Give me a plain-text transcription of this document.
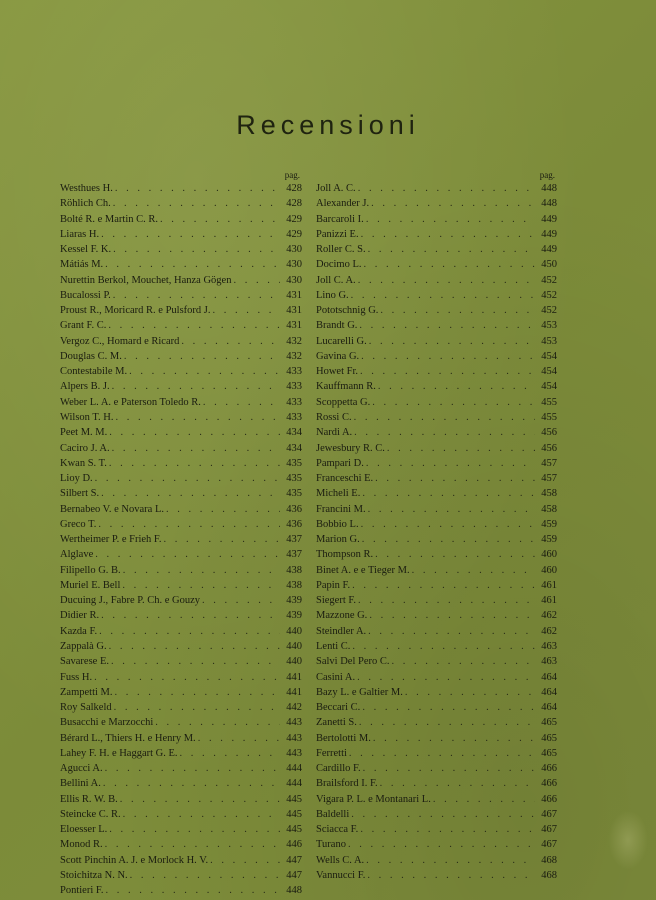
Recensioni
pag.
Westhues H. . . .	428
Röhlich Ch. . . .	428
Bolté R. e Martin C. R. . . .	429
Liaras H. . . .	429
Kessel F. K. . . .	430
Mátiás M. . . .	430
Nurettin Berkol, Mouchet, Hanza Gögen . . .	430
Bucalossi P. . . .	431
Proust R., Moricard R. e Pulsford J. . . .	431
Grant F. C. . . .	431
Vergoz C., Homard e Ricard . . .	432
Douglas C. M. . . .	432
Contestabile M. . . .	433
Alpers B. J. . . .	433
Weber L. A. e Paterson Toledo R. . . .	433
Wilson T. H. . . .	433
Peet M. M. . . .	434
Caciro J. A. . . .	434
Kwan S. T. . . .	435
Lioy D. . . .	435
Silbert S. . . .	435
Bernabeo V. e Novara L. . . .	436
Greco T. . . .	436
Wertheimer P. e Frieh F. . . .	437
Alglave . . .	437
Filipello G. B. . . .	438
Muriel E. Bell . . .	438
Ducuing J., Fabre P. Ch. e Gouzy . . .	439
Didier R. . . .	439
Kazda F. . . .	440
Zappalà G. . . .	440
Savarese E. . . .	440
Fuss H. . . .	441
Zampetti M. . . .	441
Roy Salkeld . . .	442
Busacchi e Marzocchi . . .	443
Bérard L., Thiers H. e Henry M. . . .	443
Lahey F. H. e Haggart G. E. . . .	443
Agucci A. . . .	444
Bellini A. . . .	444
Ellis R. W. B. . . .	445
Steincke C. R. . . .	445
Eloesser L. . . .	445
Monod R. . . .	446
Scott Pinchin A. J. e Morlock H. V. . . .	447
Stoichitza N. N. . . .	447
Pontieri F. . . .	448
pag.
Joll A. C. . . .	448
Alexander J. . . .	448
Barcaroli I. . . .	449
Panizzi E. . . .	449
Roller C. S. . . .	449
Docimo L. . . .	450
Joll C. A. . . .	452
Lino G. . . .	452
Pototschnig G. . . .	452
Brandt G. . . .	453
Lucarelli G. . . .	453
Gavina G. . . .	454
Howet Fr. . . .	454
Kauffmann R. . . .	454
Scoppetta G. . . .	455
Rossi C. . . .	455
Nardi A. . . .	456
Jewesbury R. C. . . .	456
Pampari D. . . .	457
Franceschi E. . . .	457
Micheli E. . . .	458
Francini M. . . .	458
Bobbio L. . . .	459
Marion G. . . .	459
Thompson R. . . .	460
Binet A. e e Tieger M. . . .	460
Papin F. . . .	461
Siegert F. . . .	461
Mazzone G. . . .	462
Steindler A. . . .	462
Lenti C. . . .	463
Salvi Del Pero C. . . .	463
Casini A. . . .	464
Bazy L. e Galtier M. . . .	464
Beccari C. . . .	464
Zanetti S. . . .	465
Bertolotti M. . . .	465
Ferretti . . .	465
Cardillo F. . . .	466
Brailsford I. F. . . .	466
Vigara P. L. e Montanari L. . . .	466
Baldelli . . .	467
Sciacca F. . . .	467
Turano . . .	467
Wells C. A. . . .	468
Vannucci F. . . .	468
